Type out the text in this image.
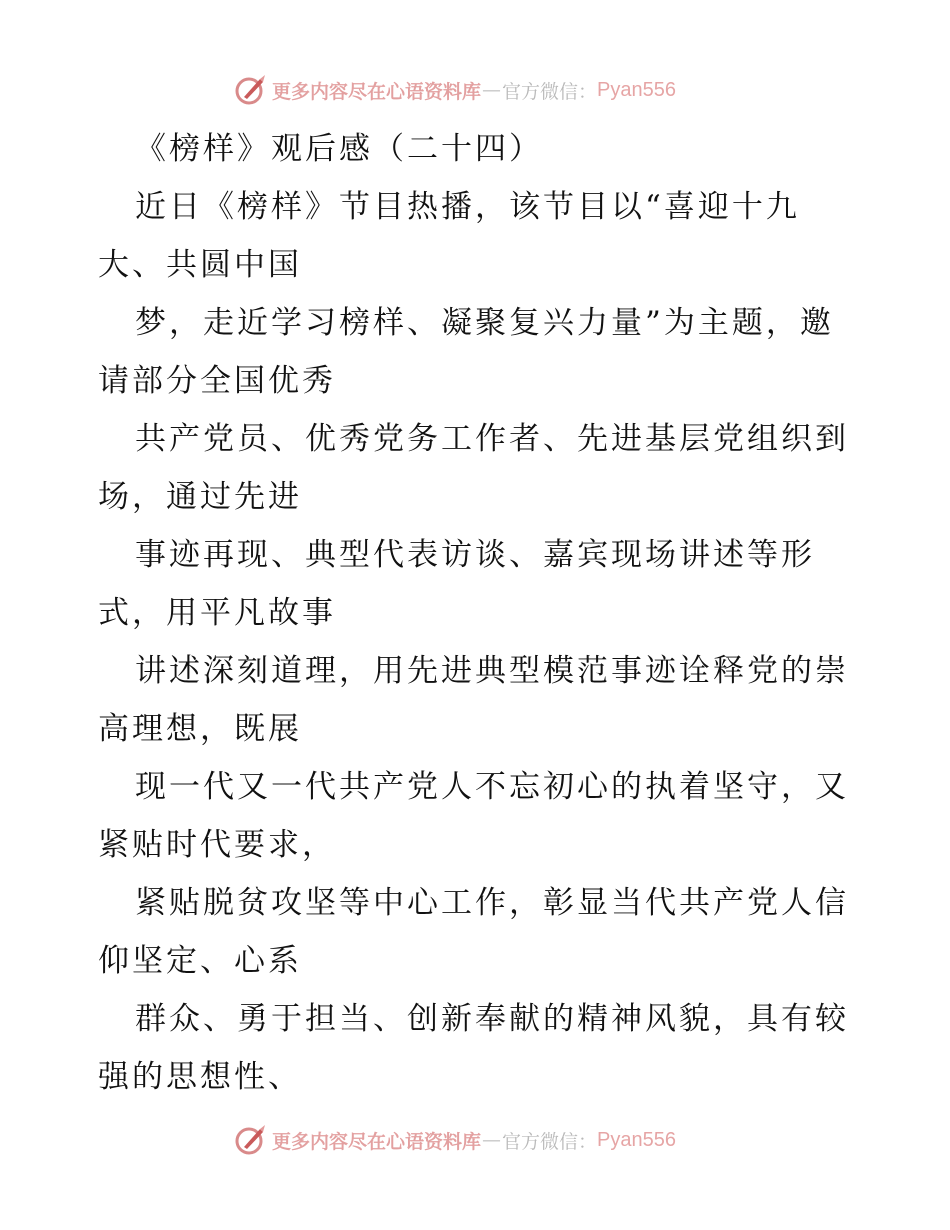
更多内容尽在心语资料库 — 官方微信： Pyan556
《榜样》观后感（二十四）
近日《榜样》节目热播，该节目以“喜迎十九
大、共圆中国
梦，走近学习榜样、凝聚复兴力量”为主题，邀
请部分全国优秀
共产党员、优秀党务工作者、先进基层党组织到
场，通过先进
事迹再现、典型代表访谈、嘉宾现场讲述等形
式，用平凡故事
讲述深刻道理，用先进典型模范事迹诠释党的崇
高理想，既展
现一代又一代共产党人不忘初心的执着坚守，又
紧贴时代要求，
紧贴脱贫攻坚等中心工作，彰显当代共产党人信
仰坚定、心系
群众、勇于担当、创新奉献的精神风貌，具有较
强的思想性、
更多内容尽在心语资料库 — 官方微信： Pyan556
